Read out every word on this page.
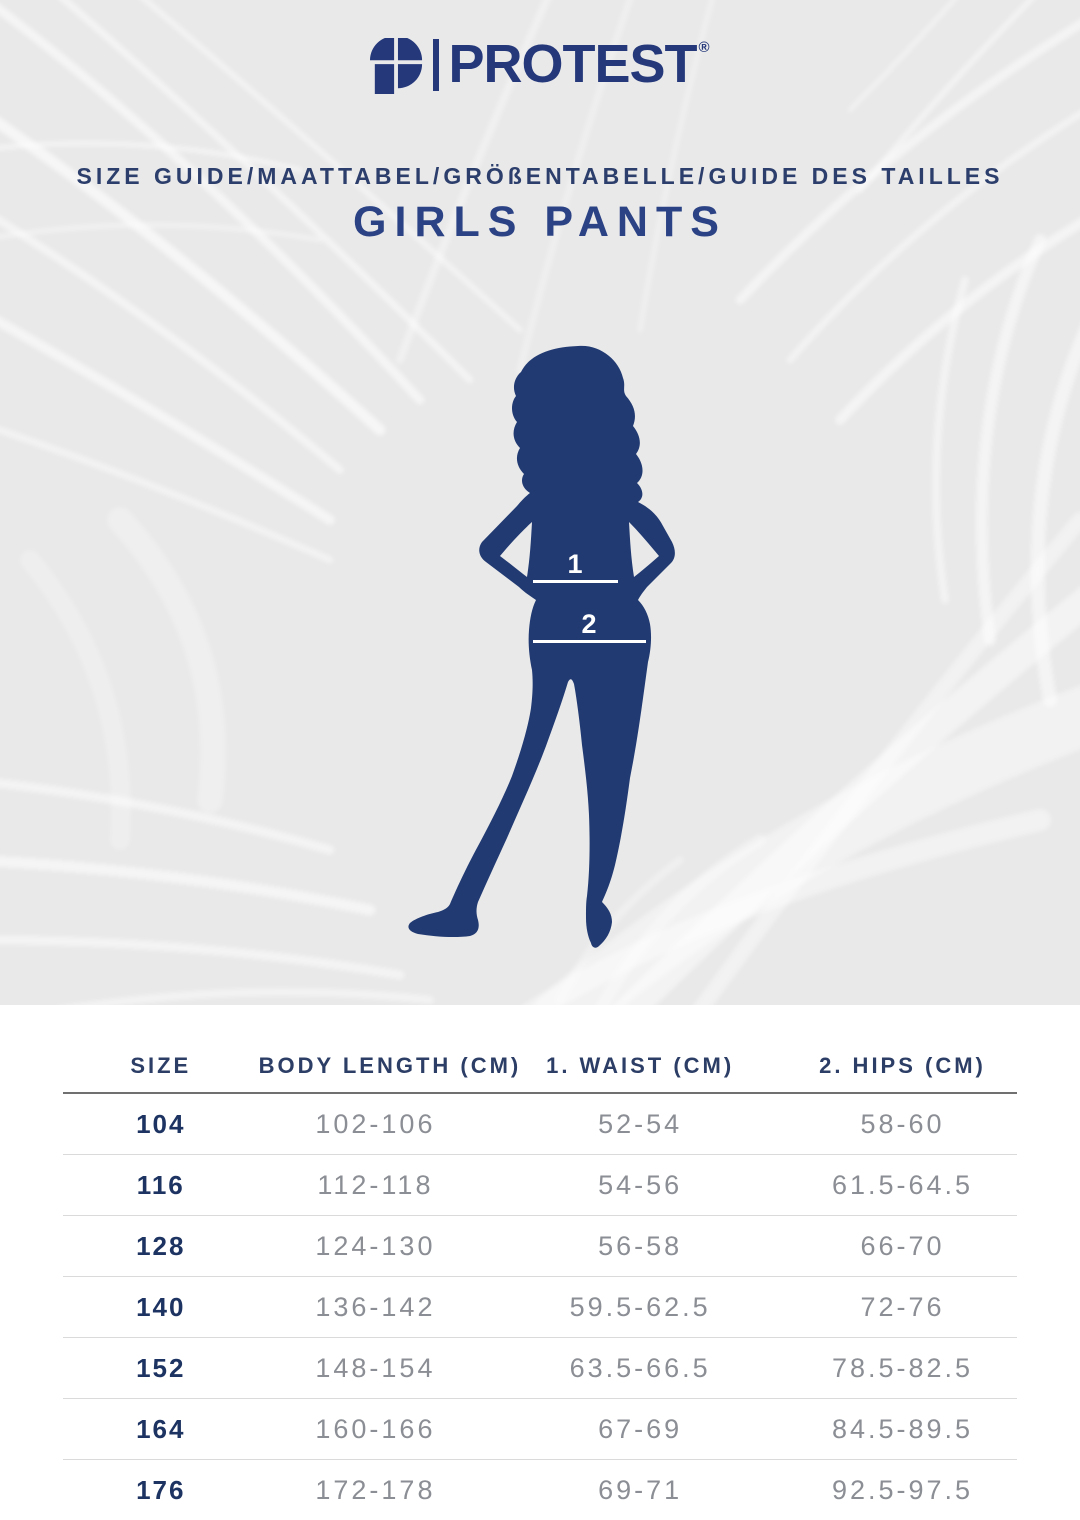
PROTEST ®
SIZE GUIDE/MAATTABEL/GRÖßENTABELLE/GUIDE DES TAILLES
GIRLS PANTS
1
2
SIZE	BODY LENGTH (CM)	1. WAIST (CM)	2. HIPS (CM)
104	102-106	52-54	58-60
116	112-118	54-56	61.5-64.5
128	124-130	56-58	66-70
140	136-142	59.5-62.5	72-76
152	148-154	63.5-66.5	78.5-82.5
164	160-166	67-69	84.5-89.5
176	172-178	69-71	92.5-97.5
